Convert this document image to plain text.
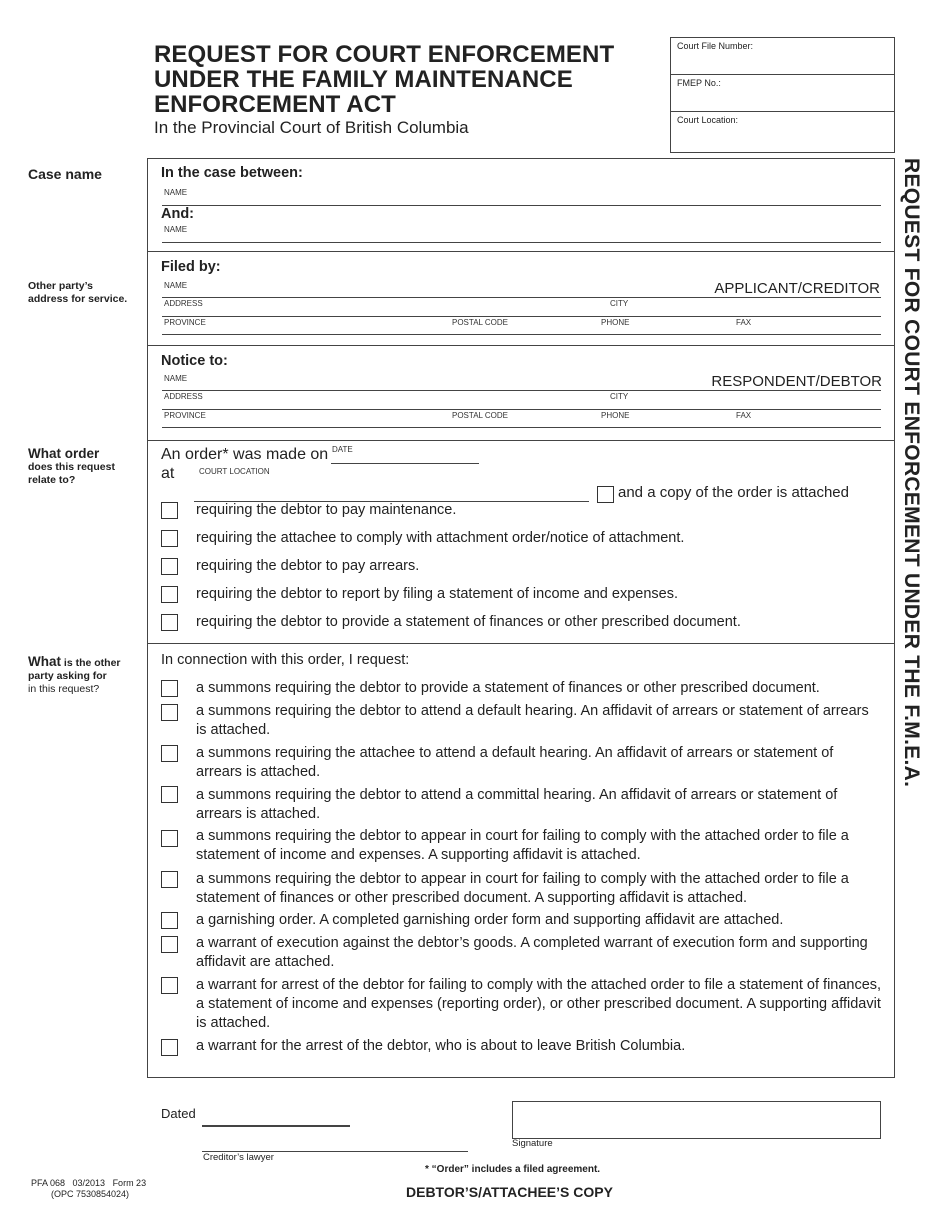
REQUEST FOR COURT ENFORCEMENT
UNDER THE FAMILY MAINTENANCE
ENFORCEMENT ACT
In the Provincial Court of British Columbia
Court File Number:
FMEP No.:
Court Location:
Case name
Other party’s
address for service.
What order
does this request
relate to?
What is the other
party asking for
in this request?
In the case between:
NAME
And:
NAME
Filed by:
NAME	APPLICANT/CREDITOR
ADDRESS	CITY
PROVINCE	POSTAL CODE	PHONE	FAX
Notice to:
NAME	RESPONDENT/DEBTOR
ADDRESS	CITY
PROVINCE	POSTAL CODE	PHONE	FAX
An order* was made on DATE
at	COURT LOCATION
and a copy of the order is attached
requiring the debtor to pay maintenance.
requiring the attachee to comply with attachment order/notice of attachment.
requiring the debtor to pay arrears.
requiring the debtor to report by filing a statement of income and expenses.
requiring the debtor to provide a statement of finances or other prescribed document.
In connection with this order, I request:
a summons requiring the debtor to provide a statement of finances or other prescribed document.
a summons requiring the debtor to attend a default hearing. An affidavit of arrears or statement of arrears is attached.
a summons requiring the attachee to attend a default hearing. An affidavit of arrears or statement of arrears is attached.
a summons requiring the debtor to attend a committal hearing. An affidavit of arrears or statement of arrears is attached.
a summons requiring the debtor to appear in court for failing to comply with the attached order to file a statement of income and expenses. A supporting affidavit is attached.
a summons requiring the debtor to appear in court for failing to comply with the attached order to file a statement of finances or other prescribed document. A supporting affidavit is attached.
a garnishing order. A completed garnishing order form and supporting affidavit are attached.
a warrant of execution against the debtor’s goods. A completed warrant of execution form and supporting affidavit are attached.
a warrant for arrest of the debtor for failing to comply with the attached order to file a statement of finances, a statement of income and expenses (reporting order), or other prescribed document. A supporting affidavit is attached.
a warrant for the arrest of the debtor, who is about to leave British Columbia.
REQUEST FOR COURT ENFORCEMENT UNDER THE F.M.E.A.
Dated
Signature
Creditor’s lawyer
* “Order” includes a filed agreement.
PFA 068   03/2013   Form 23
(OPC 7530854024)	DEBTOR’S/ATTACHEE’S COPY
